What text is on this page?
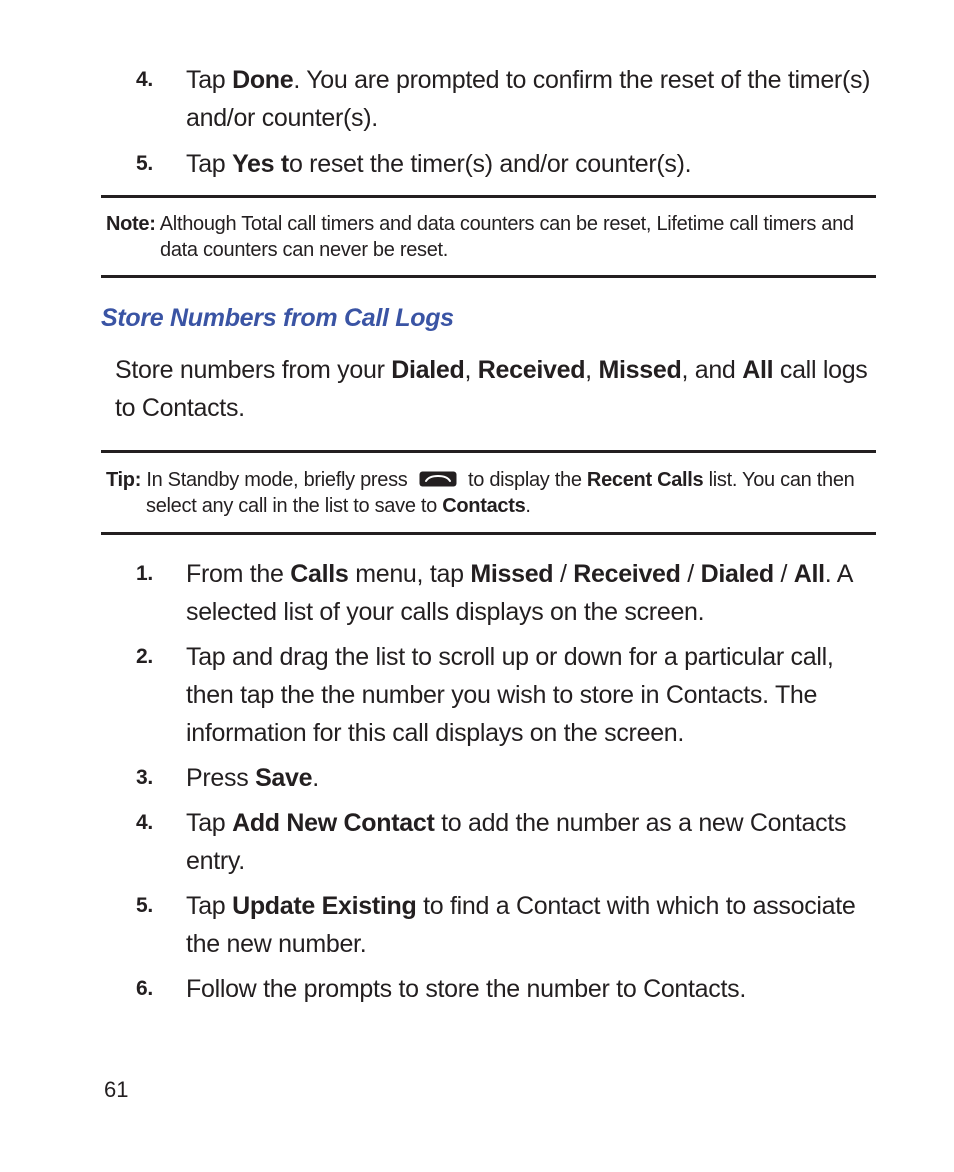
4.	Tap Done. You are prompted to confirm the reset of the timer(s) and/or counter(s).
5.	Tap Yes to reset the timer(s) and/or counter(s).
Note: Although Total call timers and data counters can be reset, Lifetime call timers and data counters can never be reset.
Store Numbers from Call Logs
Store numbers from your Dialed, Received, Missed, and All call logs to Contacts.
Tip: In Standby mode, briefly press	to display the Recent Calls list. You can then select any call in the list to save to Contacts.
1.	From the Calls menu, tap Missed / Received / Dialed / All. A selected list of your calls displays on the screen.
2.	Tap and drag the list to scroll up or down for a particular call, then tap the the number you wish to store in Contacts. The information for this call displays on the screen.
3.	Press Save.
4.	Tap Add New Contact to add the number as a new Contacts entry.
5.	Tap Update Existing to find a Contact with which to associate the new number.
6.	Follow the prompts to store the number to Contacts.
61
